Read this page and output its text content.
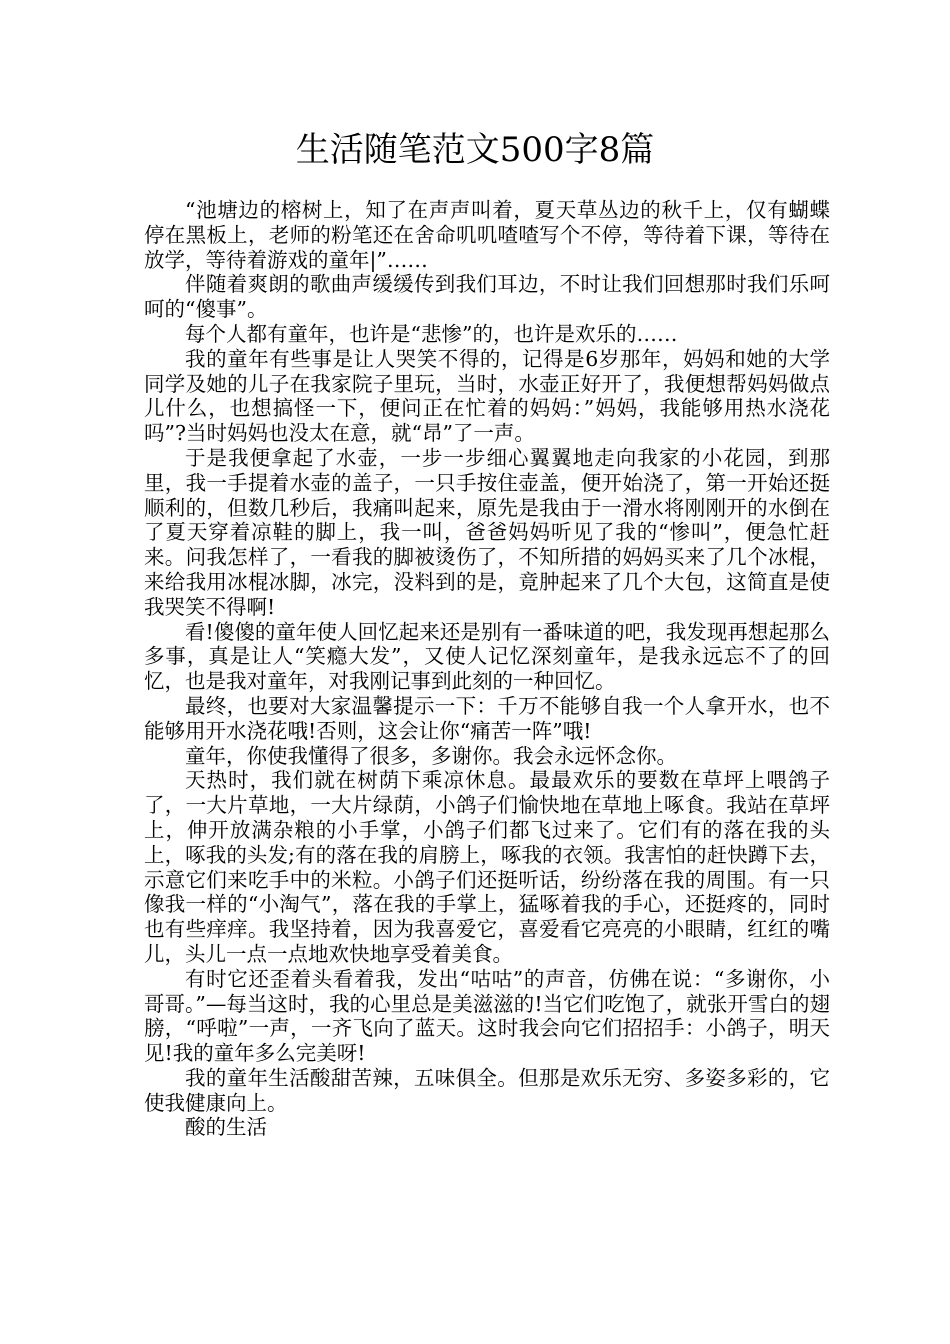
生活随笔范文500字8篇

“池塘边的榕树上，知了在声声叫着，夏天草丛边的秋千上，仅有蝴蝶停在黑板上，老师的粉笔还在舍命叽叽喳喳写个不停，等待着下课，等待在放学，等待着游戏的童年|”……

伴随着爽朗的歌曲声缓缓传到我们耳边，不时让我们回想那时我们乐呵呵的“傻事”。

每个人都有童年，也许是“悲惨”的，也许是欢乐的……

我的童年有些事是让人哭笑不得的，记得是6岁那年，妈妈和她的大学同学及她的儿子在我家院子里玩，当时，水壶正好开了，我便想帮妈妈做点儿什么，也想搞怪一下，便问正在忙着的妈妈：”妈妈，我能够用热水浇花吗”?当时妈妈也没太在意，就“昂”了一声。

于是我便拿起了水壶，一步一步细心翼翼地走向我家的小花园，到那里，我一手提着水壶的盖子，一只手按住壶盖，便开始浇了，第一开始还挺顺利的，但数几秒后，我痛叫起来，原先是我由于一滑水将刚刚开的水倒在了夏天穿着凉鞋的脚上，我一叫，爸爸妈妈听见了我的“惨叫”，便急忙赶来。问我怎样了，一看我的脚被烫伤了，不知所措的妈妈买来了几个冰棍，来给我用冰棍冰脚，冰完，没料到的是，竟肿起来了几个大包，这简直是使我哭笑不得啊!

看!傻傻的童年使人回忆起来还是别有一番味道的吧，我发现再想起那么多事，真是让人“笑瘾大发”，又使人记忆深刻童年，是我永远忘不了的回忆，也是我对童年，对我刚记事到此刻的一种回忆。

最终，也要对大家温馨提示一下：千万不能够自我一个人拿开水，也不能够用开水浇花哦!否则，这会让你“痛苦一阵”哦!

童年，你使我懂得了很多，多谢你。我会永远怀念你。

天热时，我们就在树荫下乘凉休息。最最欢乐的要数在草坪上喂鸽子了，一大片草地，一大片绿荫，小鸽子们愉快地在草地上啄食。我站在草坪上，伸开放满杂粮的小手掌，小鸽子们都飞过来了。它们有的落在我的头上，啄我的头发;有的落在我的肩膀上，啄我的衣领。我害怕的赶快蹲下去，示意它们来吃手中的米粒。小鸽子们还挺听话，纷纷落在我的周围。有一只像我一样的“小淘气”，落在我的手掌上，猛啄着我的手心，还挺疼的，同时也有些痒痒。我坚持着，因为我喜爱它，喜爱看它亮亮的小眼睛，红红的嘴儿，头儿一点一点地欢快地享受着美食。

有时它还歪着头看着我，发出“咕咕”的声音，仿佛在说：“多谢你，小哥哥。”—每当这时，我的心里总是美滋滋的!当它们吃饱了，就张开雪白的翅膀，“呼啦”一声，一齐飞向了蓝天。这时我会向它们招招手：小鸽子，明天见!我的童年多么完美呀!

我的童年生活酸甜苦辣，五味俱全。但那是欢乐无穷、多姿多彩的，它使我健康向上。

酸的生活
